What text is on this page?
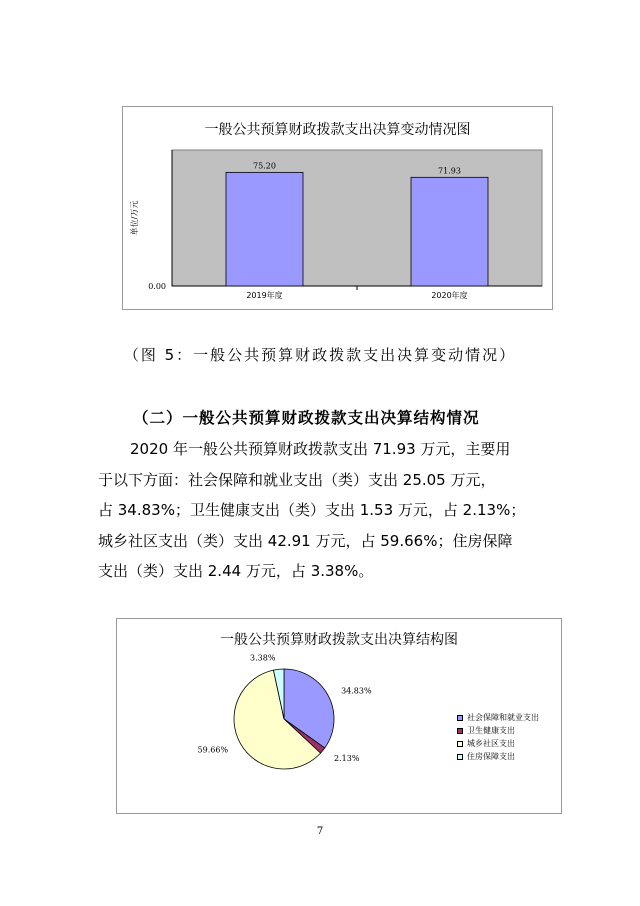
一般公共预算财政拨款支出决算变动情况图
0.00
单位/万元
75.20
2019年度
71.93
2020年度
（图 5：一般公共预算财政拨款支出决算变动情况）
（二）一般公共预算财政拨款支出决算结构情况
2020 年一般公共预算财政拨款支出 71.93 万元，主要用
于以下方面：社会保障和就业支出（类）支出 25.05 万元，
占 34.83%；卫生健康支出（类）支出 1.53 万元，占 2.13%；
城乡社区支出（类）支出 42.91 万元，占 59.66%；住房保障
支出（类）支出 2.44 万元，占 3.38%。
一般公共预算财政拨款支出决算结构图
34.83%
2.13%
59.66%
3.38%
社会保障和就业支出
卫生健康支出
城乡社区支出
住房保障支出
7
